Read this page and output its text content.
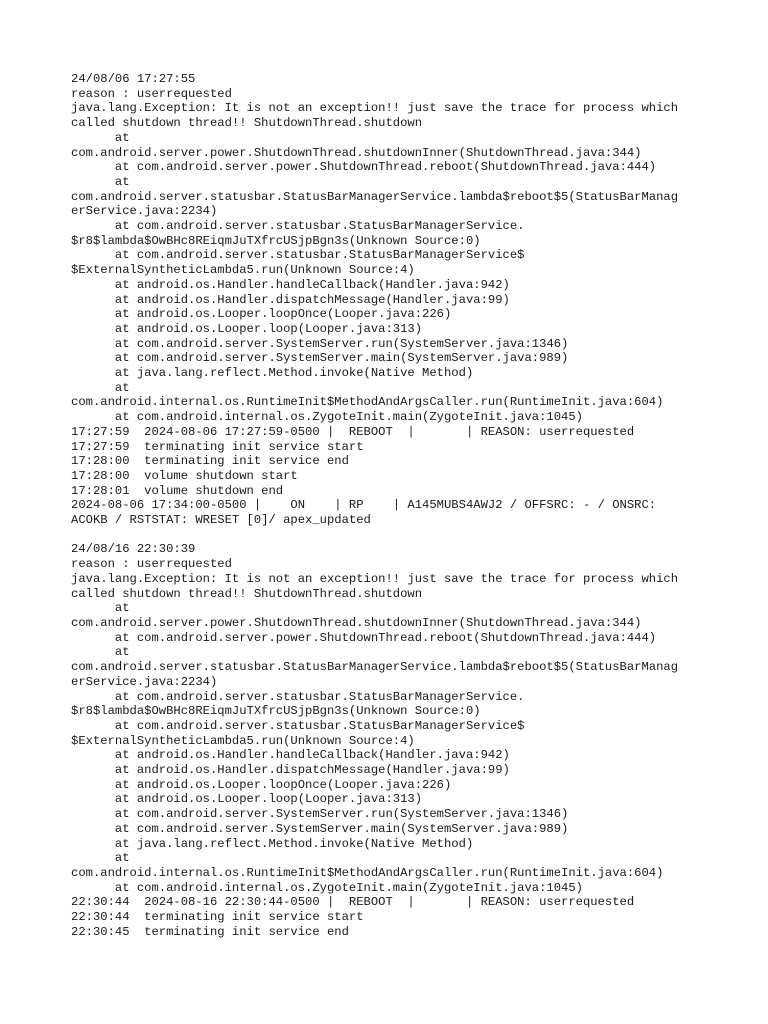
24/08/06 17:27:55
reason : userrequested
java.lang.Exception: It is not an exception!! just save the trace for process which
called shutdown thread!! ShutdownThread.shutdown
at
com.android.server.power.ShutdownThread.shutdownInner(ShutdownThread.java:344)
at com.android.server.power.ShutdownThread.reboot(ShutdownThread.java:444)
at
com.android.server.statusbar.StatusBarManagerService.lambda$reboot$5(StatusBarManag
erService.java:2234)
at com.android.server.statusbar.StatusBarManagerService.
$r8$lambda$OwBHc8REiqmJuTXfrcUSjpBgn3s(Unknown Source:0)
at com.android.server.statusbar.StatusBarManagerService$
$ExternalSyntheticLambda5.run(Unknown Source:4)
at android.os.Handler.handleCallback(Handler.java:942)
at android.os.Handler.dispatchMessage(Handler.java:99)
at android.os.Looper.loopOnce(Looper.java:226)
at android.os.Looper.loop(Looper.java:313)
at com.android.server.SystemServer.run(SystemServer.java:1346)
at com.android.server.SystemServer.main(SystemServer.java:989)
at java.lang.reflect.Method.invoke(Native Method)
at
com.android.internal.os.RuntimeInit$MethodAndArgsCaller.run(RuntimeInit.java:604)
at com.android.internal.os.ZygoteInit.main(ZygoteInit.java:1045)
17:27:59  2024-08-06 17:27:59-0500 |  REBOOT  |       | REASON: userrequested
17:27:59  terminating init service start
17:28:00  terminating init service end
17:28:00  volume shutdown start
17:28:01  volume shutdown end
2024-08-06 17:34:00-0500 |    ON    | RP    | A145MUBS4AWJ2 / OFFSRC: - / ONSRC:
ACOKB / RSTSTAT: WRESET [0]/ apex_updated
24/08/16 22:30:39
reason : userrequested
java.lang.Exception: It is not an exception!! just save the trace for process which
called shutdown thread!! ShutdownThread.shutdown
at
com.android.server.power.ShutdownThread.shutdownInner(ShutdownThread.java:344)
at com.android.server.power.ShutdownThread.reboot(ShutdownThread.java:444)
at
com.android.server.statusbar.StatusBarManagerService.lambda$reboot$5(StatusBarManag
erService.java:2234)
at com.android.server.statusbar.StatusBarManagerService.
$r8$lambda$OwBHc8REiqmJuTXfrcUSjpBgn3s(Unknown Source:0)
at com.android.server.statusbar.StatusBarManagerService$
$ExternalSyntheticLambda5.run(Unknown Source:4)
at android.os.Handler.handleCallback(Handler.java:942)
at android.os.Handler.dispatchMessage(Handler.java:99)
at android.os.Looper.loopOnce(Looper.java:226)
at android.os.Looper.loop(Looper.java:313)
at com.android.server.SystemServer.run(SystemServer.java:1346)
at com.android.server.SystemServer.main(SystemServer.java:989)
at java.lang.reflect.Method.invoke(Native Method)
at
com.android.internal.os.RuntimeInit$MethodAndArgsCaller.run(RuntimeInit.java:604)
at com.android.internal.os.ZygoteInit.main(ZygoteInit.java:1045)
22:30:44  2024-08-16 22:30:44-0500 |  REBOOT  |       | REASON: userrequested
22:30:44  terminating init service start
22:30:45  terminating init service end
